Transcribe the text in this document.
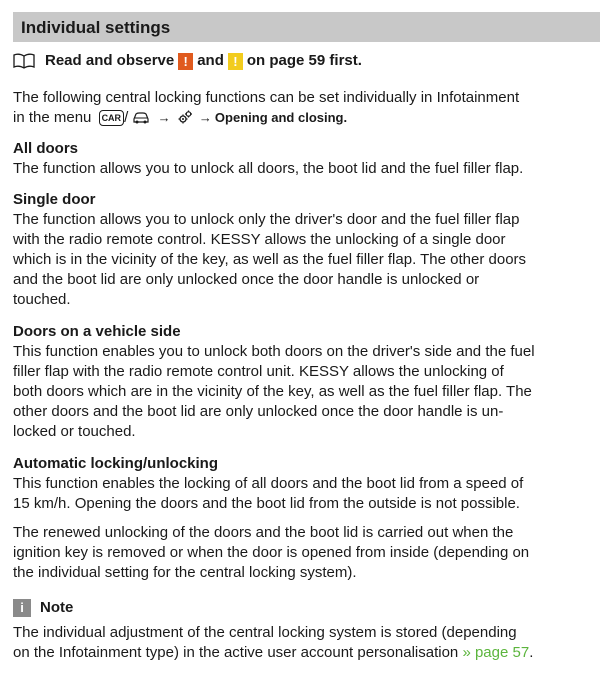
Individual settings
Read and observe ! and ! on page 59 first.

The following central locking functions can be set individually in Infotainment
in the menu CAR / → → Opening and closing.

All doors

The function allows you to unlock all doors, the boot lid and the fuel filler flap.

Single door

The function allows you to unlock only the driver's door and the fuel filler flap
with the radio remote control. KESSY allows the unlocking of a single door
which is in the vicinity of the key, as well as the fuel filler flap. The other doors
and the boot lid are only unlocked once the door handle is unlocked or
touched.

Doors on a vehicle side

This function enables you to unlock both doors on the driver's side and the fuel
filler flap with the radio remote control unit. KESSY allows the unlocking of
both doors which are in the vicinity of the key, as well as the fuel filler flap. The
other doors and the boot lid are only unlocked once the door handle is un-
locked or touched.

Automatic locking/unlocking

This function enables the locking of all doors and the boot lid from a speed of
15 km/h. Opening the doors and the boot lid from the outside is not possible.

The renewed unlocking of the doors and the boot lid is carried out when the
ignition key is removed or when the door is opened from inside (depending on
the individual setting for the central locking system).

i	Note

The individual adjustment of the central locking system is stored (depending
on the Infotainment type) in the active user account personalisation » page 57.
